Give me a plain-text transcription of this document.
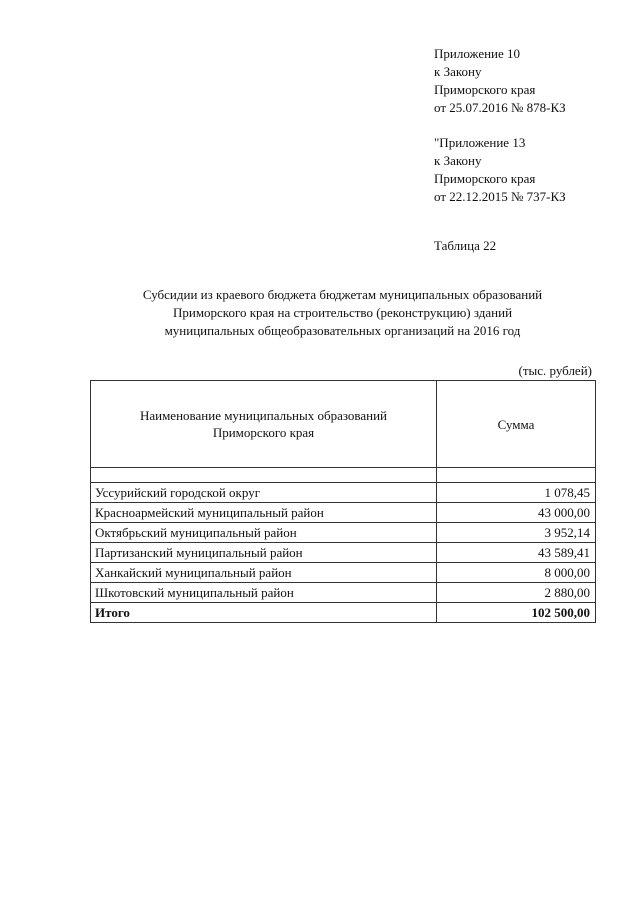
Приложение 10
к Закону
Приморского края
от 25.07.2016 № 878-КЗ
"Приложение 13
к Закону
Приморского края
от 22.12.2015 № 737-КЗ
Таблица 22
Субсидии из краевого бюджета бюджетам муниципальных образований
Приморского края на строительство (реконструкцию) зданий
муниципальных общеобразовательных организаций на 2016 год
(тыс. рублей)
Наименование муниципальных образований
Приморского края	Сумма

Уссурийский городской округ	1 078,45
Красноармейский муниципальный район	43 000,00
Октябрьский муниципальный район	3 952,14
Партизанский муниципальный район	43 589,41
Ханкайский муниципальный район	8 000,00
Шкотовский муниципальный район	2 880,00
Итого	102 500,00
